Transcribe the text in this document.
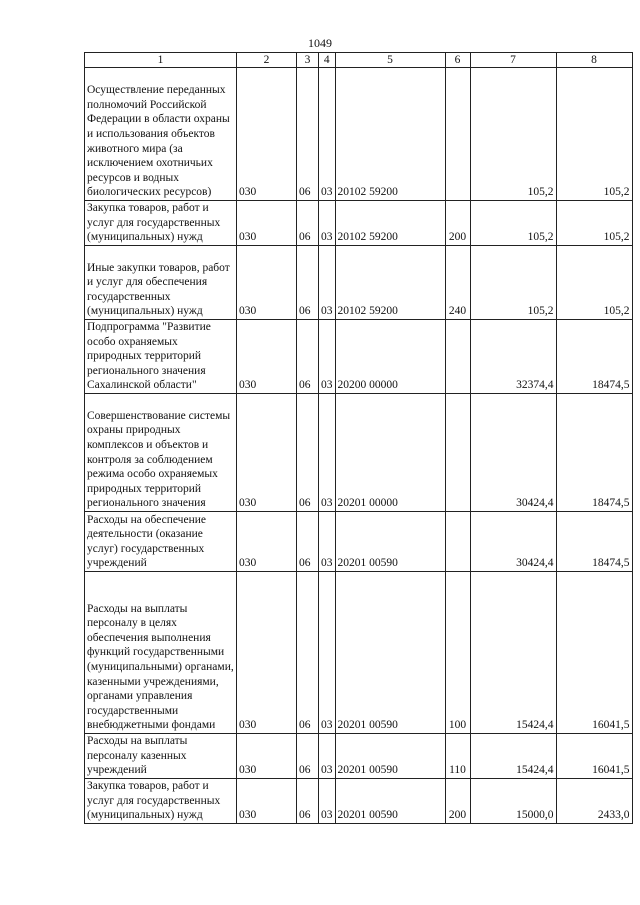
1049
1	2	3	4	5	6	7	8
Осуществление переданных полномочий Российской Федерации в области охраны и использования объектов животного мира (за исключением охотничьих ресурсов и водных биологических ресурсов)	030	06	03	20102 59200		105,2	105,2
Закупка товаров, работ и услуг для государственных (муниципальных) нужд	030	06	03	20102 59200	200	105,2	105,2
Иные закупки товаров, работ и услуг для обеспечения государственных (муниципальных) нужд	030	06	03	20102 59200	240	105,2	105,2
Подпрограмма "Развитие особо охраняемых природных территорий регионального значения Сахалинской области"	030	06	03	20200 00000		32374,4	18474,5
Совершенствование системы охраны природных комплексов и объектов и контроля за соблюдением режима особо охраняемых природных территорий регионального значения	030	06	03	20201 00000		30424,4	18474,5
Расходы на обеспечение деятельности (оказание услуг) государственных учреждений	030	06	03	20201 00590		30424,4	18474,5
Расходы на выплаты персоналу в целях обеспечения выполнения функций государственными (муниципальными) органами, казенными учреждениями, органами управления государственными внебюджетными фондами	030	06	03	20201 00590	100	15424,4	16041,5
Расходы на выплаты персоналу казенных учреждений	030	06	03	20201 00590	110	15424,4	16041,5
Закупка товаров, работ и услуг для государственных (муниципальных) нужд	030	06	03	20201 00590	200	15000,0	2433,0
